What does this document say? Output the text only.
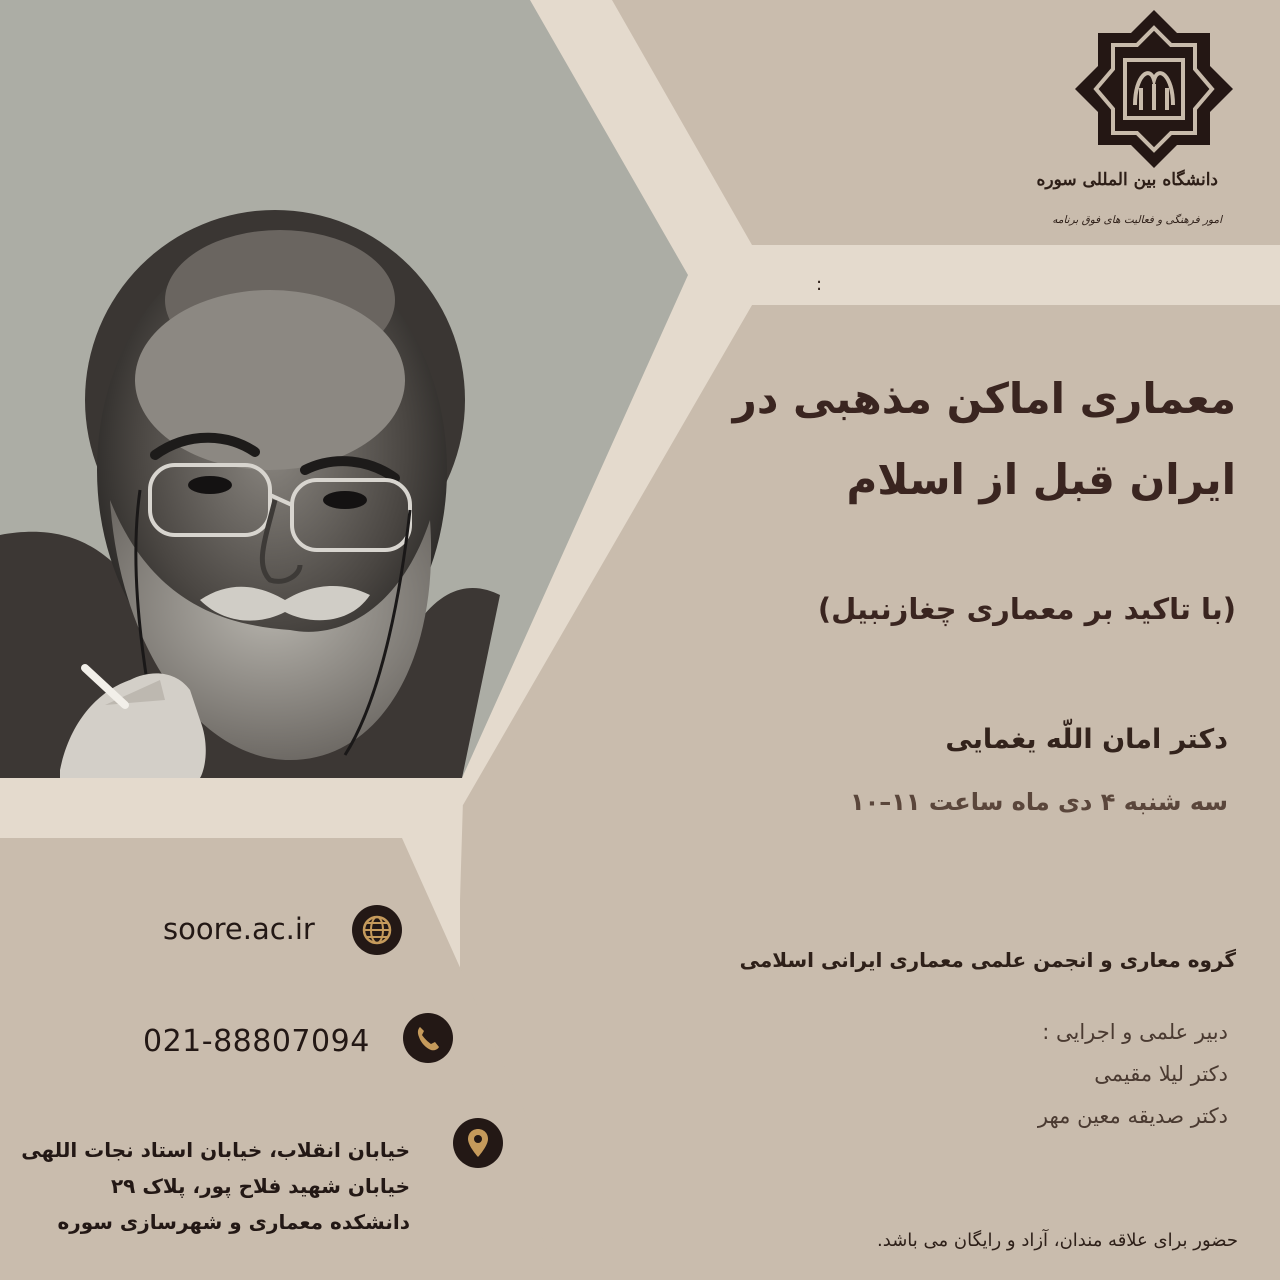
دانشگاه بین المللی سوره
امور فرهنگی و فعالیت های فوق برنامه
:
معماری اماکن مذهبی در
ایران قبل از اسلام
(با تاکید بر معماری چغازنبیل)
دکتر امان اللّه یغمایی
سه شنبه ۴ دی ماه ساعت ۱۱–۱۰
گروه معاری و انجمن علمی معماری ایرانی اسلامی
دبیر علمی و اجرایی :
دکتر لیلا مقیمی
دکتر صدیقه معین مهر
soore.ac.ir
021-88807094
خیابان انقلاب، خیابان استاد نجات اللهی
خیابان شهید فلاح پور، پلاک ۲۹
دانشکده معماری و شهرسازی سوره
حضور برای علاقه مندان، آزاد و رایگان می باشد.
